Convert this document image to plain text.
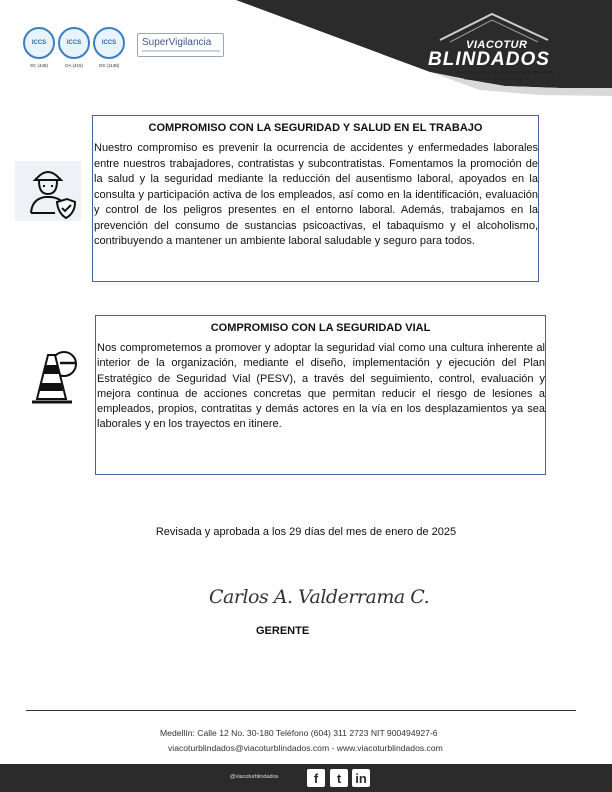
ICCS	ICCS	ICCS
SC (448)	OA (415)	OS (1138)
SuperVigilancia	VIACOTUR
BLINDADOS
ARRENDADORA DE VEHÍCULOS BLINDADOS
Resolución 5489 Supervigilancia
COMPROMISO CON LA SEGURIDAD Y SALUD EN EL TRABAJO

Nuestro compromiso es prevenir la ocurrencia de accidentes y enfermedades laborales entre nuestros trabajadores, contratistas y subcontratistas. Fomentamos la promoción de la salud y la seguridad mediante la reducción del ausentismo laboral, apoyados en la consulta y participación activa de los empleados, así como en la identificación, evaluación y control de los peligros presentes en el entorno laboral. Además, trabajamos en la prevención del consumo de sustancias psicoactivas, el tabaquismo y el alcoholismo, contribuyendo a mantener un ambiente laboral saludable y seguro para todos.

COMPROMISO CON LA SEGURIDAD VIAL

Nos comprometemos a promover y adoptar la seguridad vial como una cultura inherente al interior de la organización, mediante el diseño, implementación y ejecución del Plan Estratégico de Seguridad Vial (PESV), a través del seguimiento, control, evaluación y mejora continua de acciones concretas que permitan reducir el riesgo de lesiones a empleados, propios, contratitas y demás actores en la vía en los desplazamientos ya sea laborales y en los trayectos en itinere.

Revisada y aprobada a los 29 días del mes de enero de 2025
Carlos A. Valderrama C.
GERENTE
Medellín: Calle 12 No. 30-180 Teléfono (604) 311 2723 NIT 900494927-6
viacoturblindados@viacoturblindados.com - www.viacoturblindados.com
@viacoturblindados	f	t	in
